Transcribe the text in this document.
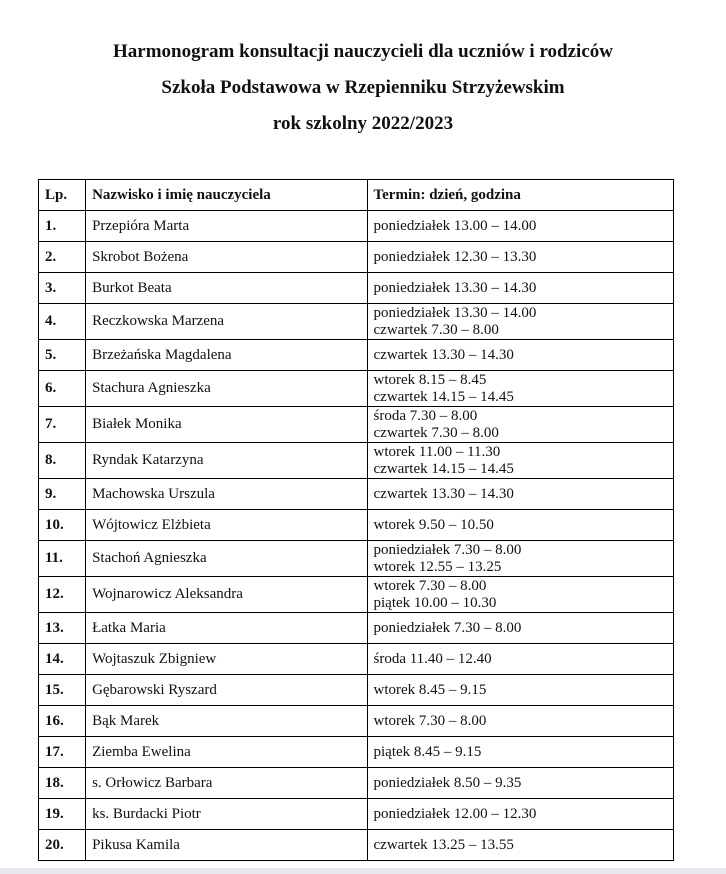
Harmonogram konsultacji nauczycieli dla uczniów i rodziców
Szkoła Podstawowa w Rzepienniku Strzyżewskim
rok szkolny 2022/2023
Lp.	Nazwisko i imię nauczyciela	Termin: dzień, godzina
1.	Przepióra Marta	poniedziałek 13.00 – 14.00

2.	Skrobot Bożena	poniedziałek 12.30 – 13.30

3.	Burkot Beata	poniedziałek 13.30 – 14.30

4.	Reczkowska Marzena	poniedziałek 13.30 – 14.00
czwartek 7.30 – 8.00

5.	Brzeżańska Magdalena	czwartek 13.30 – 14.30

6.	Stachura Agnieszka	wtorek 8.15 – 8.45
czwartek 14.15 – 14.45

7.	Białek Monika	środa 7.30 – 8.00
czwartek 7.30 – 8.00

8.	Ryndak Katarzyna	wtorek 11.00 – 11.30
czwartek 14.15 – 14.45

9.	Machowska Urszula	czwartek 13.30 – 14.30

10.	Wójtowicz Elżbieta	wtorek 9.50 – 10.50

11.	Stachoń Agnieszka	poniedziałek 7.30 – 8.00
wtorek 12.55 – 13.25

12.	Wojnarowicz Aleksandra	wtorek 7.30 – 8.00
piątek 10.00 – 10.30

13.	Łatka Maria	poniedziałek 7.30 – 8.00

14.	Wojtaszuk Zbigniew	środa 11.40 – 12.40

15.	Gębarowski Ryszard	wtorek 8.45 – 9.15

16.	Bąk Marek	wtorek 7.30 – 8.00

17.	Ziemba Ewelina	piątek 8.45 – 9.15

18.	s. Orłowicz Barbara	poniedziałek 8.50 – 9.35

19.	ks. Burdacki Piotr	poniedziałek 12.00 – 12.30

20.	Pikusa Kamila	czwartek 13.25 – 13.55
